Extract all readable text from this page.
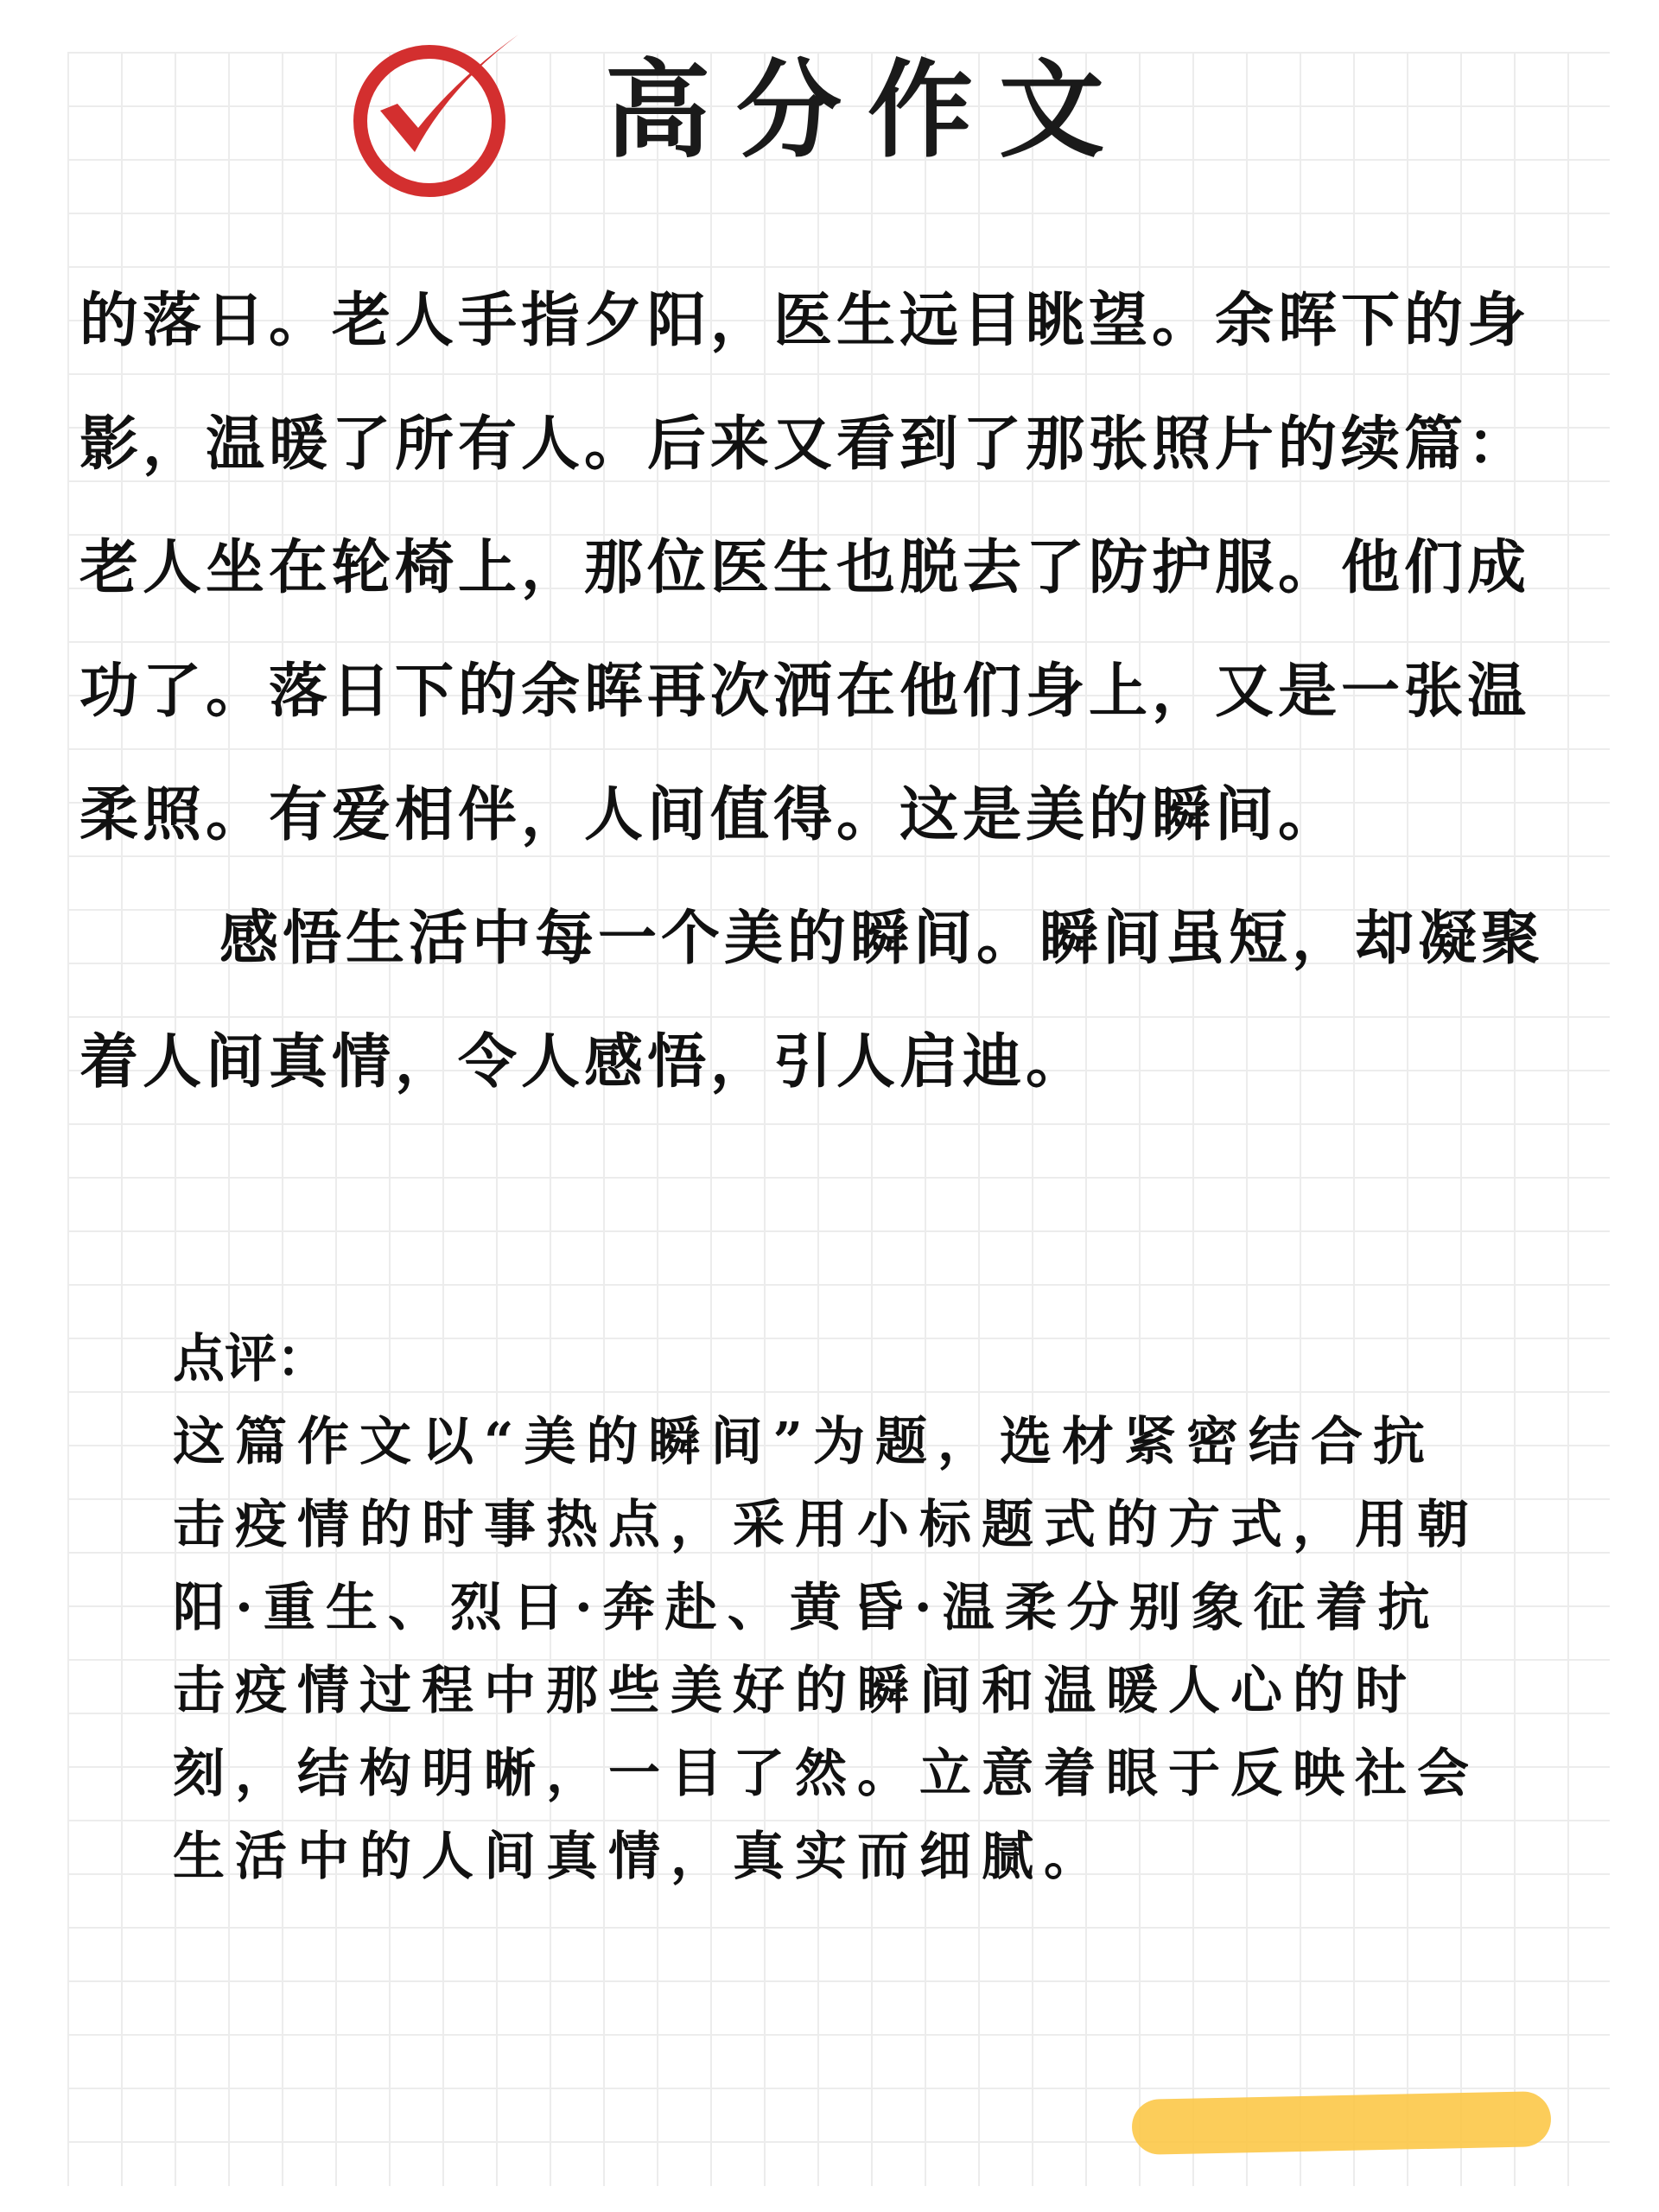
高分作文

的落日。老人手指夕阳，医生远目眺望。余晖下的身影，温暖了所有人。后来又看到了那张照片的续篇：老人坐在轮椅上，那位医生也脱去了防护服。他们成功了。落日下的余晖再次洒在他们身上，又是一张温柔照。有爱相伴，人间值得。这是美的瞬间。

感悟生活中每一个美的瞬间。瞬间虽短，却凝聚着人间真情，令人感悟，引人启迪。

点评：

这篇作文以“美的瞬间”为题，选材紧密结合抗击疫情的时事热点，采用小标题式的方式，用朝阳·重生、烈日·奔赴、黄昏·温柔分别象征着抗击疫情过程中那些美好的瞬间和温暖人心的时刻，结构明晰，一目了然。立意着眼于反映社会生活中的人间真情，真实而细腻。
